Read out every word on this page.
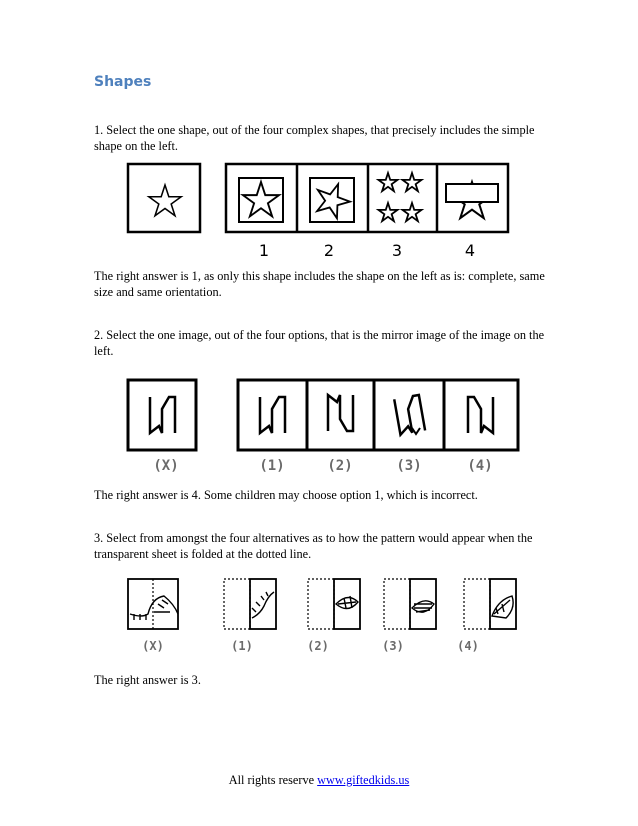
Shapes

1. Select the one shape, out of the four complex shapes, that precisely includes the simple shape on the left.

1	2	3	4

The right answer is 1, as only this shape includes the shape on the left as is: complete, same size and same orientation.

2. Select the one image, out of the four options, that is the mirror image of the image on the left.

(X)	(1)	(2)	(3)	(4)

The right answer is 4. Some children may choose option 1, which is incorrect.

3. Select from amongst the four alternatives as to how the pattern would appear when the transparent sheet is folded at the dotted line.

(X)	(1)	(2)	(3)	(4)

The right answer is 3.

All rights reserve www.giftedkids.us
